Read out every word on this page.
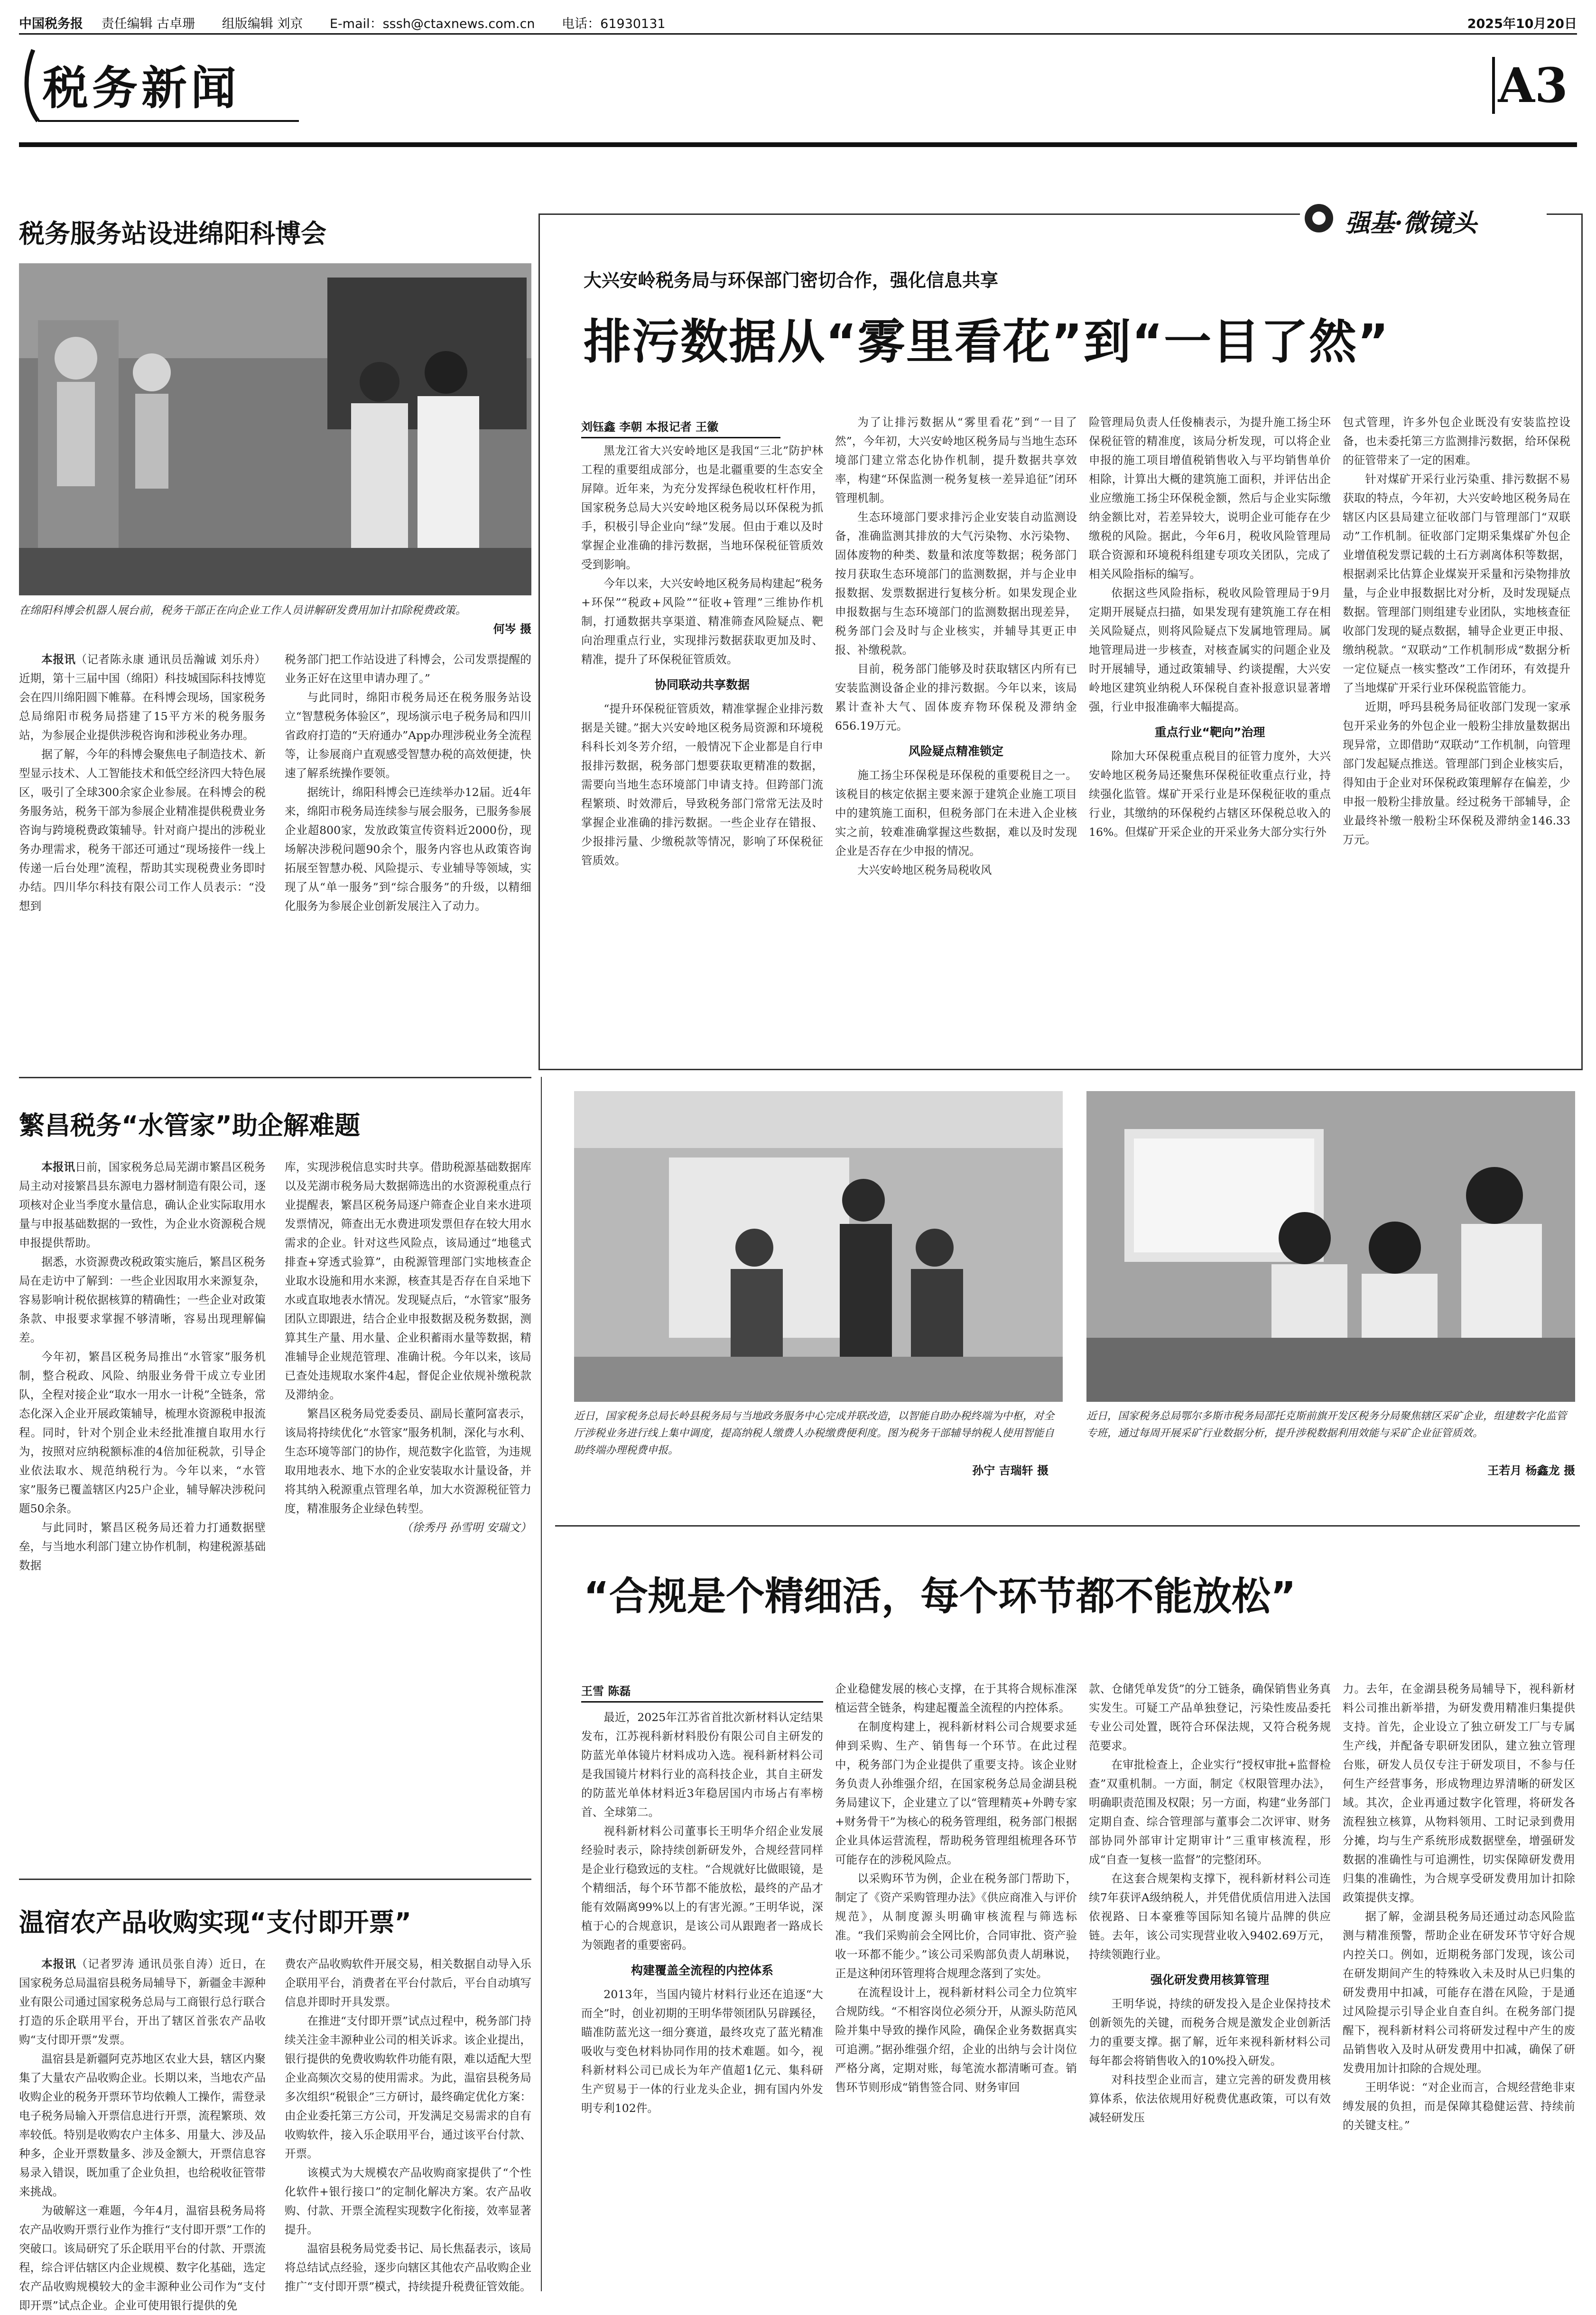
中国税务报 责任编辑 古卓珊 组版编辑 刘京 E-mail：sssh@ctaxnews.com.cn 电话：61930131	2025年10月20日
税务新闻	A3
税务服务站设进绵阳科博会
在绵阳科博会机器人展台前，税务干部正在向企业工作人员讲解研发费用加计扣除税费政策。
何岑 摄

本报讯（记者陈永康 通讯员岳瀚诚 刘乐舟）近期，第十三届中国（绵阳）科技城国际科技博览会在四川绵阳圆下帷幕。在科博会现场，国家税务总局绵阳市税务局搭建了15平方米的税务服务站，为参展企业提供涉税咨询和涉税业务办理。

据了解，今年的科博会聚焦电子制造技术、新型显示技术、人工智能技术和低空经济四大特色展区，吸引了全球300余家企业参展。在科博会的税务服务站，税务干部为参展企业精准提供税费业务咨询与跨境税费政策辅导。针对商户提出的涉税业务办理需求，税务干部还可通过“现场接件一线上传递一后台处理”流程，帮助其实现税费业务即时办结。四川华尔科技有限公司工作人员表示：“没想到

税务部门把工作站设进了科博会，公司发票提醒的业务正好在这里申请办理了。”

与此同时，绵阳市税务局还在税务服务站设立“智慧税务体验区”，现场演示电子税务局和四川省政府打造的“天府通办”App办理涉税业务全流程等，让参展商户直观感受智慧办税的高效便捷，快速了解系统操作要领。

据统计，绵阳科博会已连续举办12届。近4年来，绵阳市税务局连续参与展会服务，已服务参展企业超800家，发放政策宣传资料近2000份，现场解决涉税问题90余个，服务内容也从政策咨询拓展至智慧办税、风险提示、专业辅导等领域，实现了从“单一服务”到“综合服务”的升级，以精细化服务为参展企业创新发展注入了动力。

强基·微镜头
大兴安岭税务局与环保部门密切合作，强化信息共享
排污数据从“雾里看花”到“一目了然”
刘钰鑫 李朝 本报记者 王徽

黑龙江省大兴安岭地区是我国“三北”防护林工程的重要组成部分，也是北疆重要的生态安全屏障。近年来，为充分发挥绿色税收杠杆作用，国家税务总局大兴安岭地区税务局以环保税为抓手，积极引导企业向“绿”发展。但由于难以及时掌握企业准确的排污数据，当地环保税征管质效受到影响。

今年以来，大兴安岭地区税务局构建起“税务+环保”“税政+风险”“征收+管理”三维协作机制，打通数据共享渠道、精准筛查风险疑点、靶向治理重点行业，实现排污数据获取更加及时、精准，提升了环保税征管质效。

协同联动共享数据

“提升环保税征管质效，精准掌握企业排污数据是关键。”据大兴安岭地区税务局资源和环境税科科长刘冬芳介绍，一般情况下企业都是自行申报排污数据，税务部门想要获取更精准的数据，需要向当地生态环境部门申请支持。但跨部门流程繁琐、时效滞后，导致税务部门常常无法及时掌握企业准确的排污数据。一些企业存在错报、少报排污量、少缴税款等情况，影响了环保税征管质效。

为了让排污数据从“雾里看花”到“一目了然”，今年初，大兴安岭地区税务局与当地生态环境部门建立常态化协作机制，提升数据共享效率，构建“环保监测一税务复核一差异追征”闭环管理机制。

生态环境部门要求排污企业安装自动监测设备，准确监测其排放的大气污染物、水污染物、固体废物的种类、数量和浓度等数据；税务部门按月获取生态环境部门的监测数据，并与企业申报数据、发票数据进行复核分析。如果发现企业申报数据与生态环境部门的监测数据出现差异，税务部门会及时与企业核实，并辅导其更正申报、补缴税款。

目前，税务部门能够及时获取辖区内所有已安装监测设备企业的排污数据。今年以来，该局累计查补大气、固体废弃物环保税及滞纳金656.19万元。

风险疑点精准锁定

施工扬尘环保税是环保税的重要税目之一。该税目的核定依据主要来源于建筑企业施工项目中的建筑施工面积，但税务部门在未进入企业核实之前，较难准确掌握这些数据，难以及时发现企业是否存在少申报的情况。

大兴安岭地区税务局税收风

险管理局负责人任俊楠表示，为提升施工扬尘环保税征管的精准度，该局分析发现，可以将企业申报的施工项目增值税销售收入与平均销售单价相除，计算出大概的建筑施工面积，并评估出企业应缴施工扬尘环保税金额，然后与企业实际缴纳金额比对，若差异较大，说明企业可能存在少缴税的风险。据此，今年6月，税收风险管理局联合资源和环境税科组建专项攻关团队，完成了相关风险指标的编写。

依据这些风险指标，税收风险管理局于9月定期开展疑点扫描，如果发现有建筑施工存在相关风险疑点，则将风险疑点下发属地管理局。属地管理局进一步核查，对核查属实的问题企业及时开展辅导，通过政策辅导、约谈提醒，大兴安岭地区建筑业纳税人环保税自查补报意识显著增强，行业申报准确率大幅提高。

重点行业“靶向”治理

除加大环保税重点税目的征管力度外，大兴安岭地区税务局还聚焦环保税征收重点行业，持续强化监管。煤矿开采行业是环保税征收的重点行业，其缴纳的环保税约占辖区环保税总收入的16%。但煤矿开采企业的开采业务大部分实行外

包式管理，许多外包企业既没有安装监控设备，也未委托第三方监测排污数据，给环保税的征管带来了一定的困难。

针对煤矿开采行业污染重、排污数据不易获取的特点，今年初，大兴安岭地区税务局在辖区内区县局建立征收部门与管理部门“双联动”工作机制。征收部门定期采集煤矿外包企业增值税发票记载的土石方剥离体积等数据，根据剥采比估算企业煤炭开采量和污染物排放量，与企业申报数据比对分析，及时发现疑点数据。管理部门则组建专业团队，实地核查征收部门发现的疑点数据，辅导企业更正申报、缴纳税款。“双联动”工作机制形成“数据分析一定位疑点一核实整改”工作闭环，有效提升了当地煤矿开采行业环保税监管能力。

近期，呼玛县税务局征收部门发现一家承包开采业务的外包企业一般粉尘排放量数据出现异常，立即借助“双联动”工作机制，向管理部门发起疑点推送。管理部门到企业核实后，得知由于企业对环保税政策理解存在偏差，少申报一般粉尘排放量。经过税务干部辅导，企业最终补缴一般粉尘环保税及滞纳金146.33万元。

繁昌税务“水管家”助企解难题

本报讯日前，国家税务总局芜湖市繁昌区税务局主动对接繁昌县东源电力器材制造有限公司，逐项核对企业当季度水量信息，确认企业实际取用水量与申报基础数据的一致性，为企业水资源税合规申报提供帮助。

据悉，水资源费改税政策实施后，繁昌区税务局在走访中了解到：一些企业因取用水来源复杂，容易影响计税依据核算的精确性；一些企业对政策条款、申报要求掌握不够清晰，容易出现理解偏差。

今年初，繁昌区税务局推出“水管家”服务机制，整合税政、风险、纳服业务骨干成立专业团队，全程对接企业“取水一用水一计税”全链条，常态化深入企业开展政策辅导，梳理水资源税申报流程。同时，针对个别企业未经批准擅自取用水行为，按照对应纳税额标准的4倍加征税款，引导企业依法取水、规范纳税行为。今年以来，“水管家”服务已覆盖辖区内25户企业，辅导解决涉税问题50余条。

与此同时，繁昌区税务局还着力打通数据壁垒，与当地水利部门建立协作机制，构建税源基础数据

库，实现涉税信息实时共享。借助税源基础数据库以及芜湖市税务局大数据筛选出的水资源税重点行业提醒表，繁昌区税务局逐户筛查企业自来水进项发票情况，筛查出无水费进项发票但存在较大用水需求的企业。针对这些风险点，该局通过“地毯式排查+穿透式验算”，由税源管理部门实地核查企业取水设施和用水来源，核查其是否存在自采地下水或直取地表水情况。发现疑点后，“水管家”服务团队立即跟进，结合企业申报数据及税务数据，测算其生产量、用水量、企业积蓄雨水量等数据，精准辅导企业规范管理、准确计税。今年以来，该局已查处违规取水案件4起，督促企业依规补缴税款及滞纳金。

繁昌区税务局党委委员、副局长董阿富表示，该局将持续优化“水管家”服务机制，深化与水利、生态环境等部门的协作，规范数字化监管，为违规取用地表水、地下水的企业安装取水计量设备，并将其纳入税源重点管理名单，加大水资源税征管力度，精准服务企业绿色转型。

（徐秀丹 孙雪明 安瑞文）

温宿农产品收购实现“支付即开票”

本报讯（记者罗涛 通讯员张自涛）近日，在国家税务总局温宿县税务局辅导下，新疆金丰源种业有限公司通过国家税务总局与工商银行总行联合打造的乐企联用平台，开出了辖区首张农产品收购“支付即开票”发票。

温宿县是新疆阿克苏地区农业大县，辖区内聚集了大量农产品收购企业。长期以来，当地农产品收购企业的税务开票环节均依赖人工操作，需登录电子税务局输入开票信息进行开票，流程繁琐、效率较低。特别是收购农户主体多、用量大、涉及品种多，企业开票数量多、涉及金额大，开票信息容易录入错误，既加重了企业负担，也给税收征管带来挑战。

为破解这一难题，今年4月，温宿县税务局将农产品收购开票行业作为推行“支付即开票”工作的突破口。该局研究了乐企联用平台的付款、开票流程，综合评估辖区内企业规模、数字化基础，选定农产品收购规模较大的金丰源种业公司作为“支付即开票”试点企业。企业可使用银行提供的免

费农产品收购软件开展交易，相关数据自动导入乐企联用平台，消费者在平台付款后，平台自动填写信息并即时开具发票。

在推进“支付即开票”试点过程中，税务部门持续关注金丰源种业公司的相关诉求。该企业提出，银行提供的免费收购软件功能有限，难以适配大型企业高频次交易的使用需求。为此，温宿县税务局多次组织“税银企”三方研讨，最终确定优化方案：由企业委托第三方公司，开发满足交易需求的自有收购软件，接入乐企联用平台，通过该平台付款、开票。

该模式为大规模农产品收购商家提供了“个性化软件+银行接口”的定制化解决方案。农产品收购、付款、开票全流程实现数字化衔接，效率显著提升。

温宿县税务局党委书记、局长焦磊表示，该局将总结试点经验，逐步向辖区其他农产品收购企业推广“支付即开票”模式，持续提升税费征管效能。

近日，国家税务总局长岭县税务局与当地政务服务中心完成并联改造，以智能自助办税终端为中枢，对全厅涉税业务进行线上集中调度，提高纳税人缴费人办税缴费便利度。图为税务干部辅导纳税人使用智能自助终端办理税费申报。
孙宁 吉瑞轩 摄
近日，国家税务总局鄂尔多斯市税务局邵托克斯前旗开发区税务分局聚焦辖区采矿企业，组建数字化监管专班，通过每周开展采矿行业数据分析，提升涉税数据利用效能与采矿企业征管质效。
王若月 杨鑫龙 摄
“合规是个精细活，每个环节都不能放松”
王雪 陈磊

最近，2025年江苏省首批次新材料认定结果发布，江苏视科新材料股份有限公司自主研发的防蓝光单体镜片材料成功入选。视科新材料公司是我国镜片材料行业的高科技企业，其自主研发的防蓝光单体材料近3年稳居国内市场占有率榜首、全球第二。

视科新材料公司董事长王明华介绍企业发展经验时表示，除持续创新研发外，合规经营同样是企业行稳致远的支柱。“合规就好比做眼镜，是个精细活，每个环节都不能放松，最终的产品才能有效隔离99%以上的有害光源。”王明华说，深植于心的合规意识，是该公司从跟跑者一路成长为领跑者的重要密码。

构建覆盖全流程的内控体系

2013年，当国内镜片材料行业还在追逐“大而全”时，创业初期的王明华带领团队另辟蹊径，瞄准防蓝光这一细分赛道，最终攻克了蓝光精准吸收与变色材料协同作用的技术难题。如今，视科新材料公司已成长为年产值超1亿元、集科研生产贸易于一体的行业龙头企业，拥有国内外发明专利102件。

企业稳健发展的核心支撑，在于其将合规标准深植运营全链条，构建起覆盖全流程的内控体系。

在制度构建上，视科新材料公司合规要求延伸到采购、生产、销售每一个环节。在此过程中，税务部门为企业提供了重要支持。该企业财务负责人孙维强介绍，在国家税务总局金湖县税务局建议下，企业建立了以“管理精英+外聘专家+财务骨干”为核心的税务管理组，税务部门根据企业具体运营流程，帮助税务管理组梳理各环节可能存在的涉税风险点。

以采购环节为例，企业在税务部门帮助下，制定了《资产采购管理办法》《供应商准入与评价规范》，从制度源头明确审核流程与筛选标准。“我们采购前会全网比价，合同审批、资产验收一环都不能少。”该公司采购部负责人胡琳说，正是这种闭环管理将合规理念落到了实处。

在流程设计上，视科新材料公司全力位筑牢合规防线。“不相容岗位必须分开，从源头防范风险并集中导致的操作风险，确保企业务数据真实可追溯。”据孙维强介绍，企业的出纳与会计岗位严格分离，定期对账，每笔流水都清晰可查。销售环节则形成“销售签合同、财务审回

款、仓储凭单发货”的分工链条，确保销售业务真实发生。可疑工产品单独登记，污染性废品委托专业公司处置，既符合环保法规，又符合税务规范要求。

在审批检查上，企业实行“授权审批+监督检查”双重机制。一方面，制定《权限管理办法》，明确职责范围及权限；另一方面，构建“业务部门定期自查、综合管理部与董事会二次评审、财务部协同外部审计定期审计”三重审核流程，形成“自查一复核一监督”的完整闭环。

在这套合规架构支撑下，视科新材料公司连续7年获评A级纳税人，并凭借优质信用进入法国依视路、日本豪雅等国际知名镜片品牌的供应链。去年，该公司实现营业收入9402.69万元，持续领跑行业。

强化研发费用核算管理

王明华说，持续的研发投入是企业保持技术创新领先的关键，而税务合规是激发企业创新活力的重要支撑。据了解，近年来视科新材料公司每年都会将销售收入的10%投入研发。

对科技型企业而言，建立完善的研发费用核算体系，依法依规用好税费优惠政策，可以有效减轻研发压

力。去年，在金湖县税务局辅导下，视科新材料公司推出新举措，为研发费用精准归集提供支持。首先，企业设立了独立研发工厂与专属生产线，并配备专职研发团队，建立独立管理台账，研发人员仅专注于研发项目，不参与任何生产经营事务，形成物理边界清晰的研发区域。其次，企业再通过数字化管理，将研发各流程独立核算，从物料领用、工时记录到费用分摊，均与生产系统形成数据壁垒，增强研发数据的准确性与可追溯性，切实保障研发费用归集的准确性，为合规享受研发费用加计扣除政策提供支撑。

据了解，金湖县税务局还通过动态风险监测与精准预警，帮助企业在研发环节守好合规内控关口。例如，近期税务部门发现，该公司在研发期间产生的特殊收入未及时从已归集的研发费用中扣减，可能存在潜在风险，于是通过风险提示引导企业自查自纠。在税务部门提醒下，视科新材料公司将研发过程中产生的废品销售收入及时从研发费用中扣减，确保了研发费用加计扣除的合规处理。

王明华说：“对企业而言，合规经营绝非束缚发展的负担，而是保障其稳健运营、持续前的关键支柱。”
